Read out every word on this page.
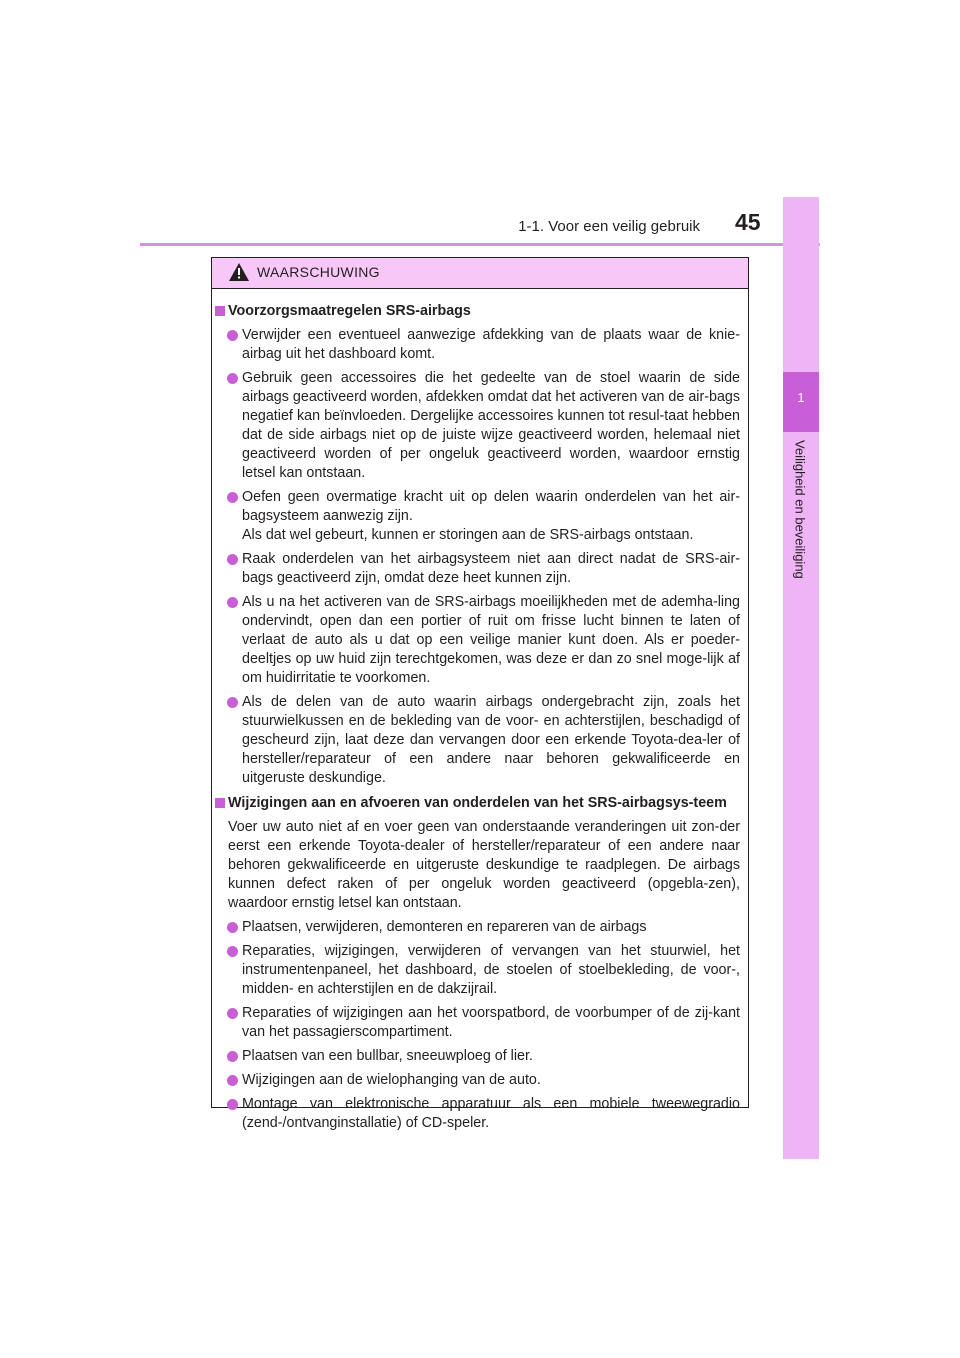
1-1. Voor een veilig gebruik 45
1
Veiligheid en beveiliging
WAARSCHUWING
Voorzorgsmaatregelen SRS-airbags
Verwijder een eventueel aanwezige afdekking van de plaats waar de knie-airbag uit het dashboard komt.
Gebruik geen accessoires die het gedeelte van de stoel waarin de side airbags geactiveerd worden, afdekken omdat dat het activeren van de air-bags negatief kan beïnvloeden. Dergelijke accessoires kunnen tot resul-taat hebben dat de side airbags niet op de juiste wijze geactiveerd worden, helemaal niet geactiveerd worden of per ongeluk geactiveerd worden, waardoor ernstig letsel kan ontstaan.
Oefen geen overmatige kracht uit op delen waarin onderdelen van het air-bagsysteem aanwezig zijn.
Als dat wel gebeurt, kunnen er storingen aan de SRS-airbags ontstaan.
Raak onderdelen van het airbagsysteem niet aan direct nadat de SRS-air-bags geactiveerd zijn, omdat deze heet kunnen zijn.
Als u na het activeren van de SRS-airbags moeilijkheden met de ademha-ling ondervindt, open dan een portier of ruit om frisse lucht binnen te laten of verlaat de auto als u dat op een veilige manier kunt doen. Als er poeder-deeltjes op uw huid zijn terechtgekomen, was deze er dan zo snel moge-lijk af om huidirritatie te voorkomen.
Als de delen van de auto waarin airbags ondergebracht zijn, zoals het stuurwielkussen en de bekleding van de voor- en achterstijlen, beschadigd of gescheurd zijn, laat deze dan vervangen door een erkende Toyota-dea-ler of hersteller/reparateur of een andere naar behoren gekwalificeerde en uitgeruste deskundige.
Wijzigingen aan en afvoeren van onderdelen van het SRS-airbagsys-teem
Voer uw auto niet af en voer geen van onderstaande veranderingen uit zon-der eerst een erkende Toyota-dealer of hersteller/reparateur of een andere naar behoren gekwalificeerde en uitgeruste deskundige te raadplegen. De airbags kunnen defect raken of per ongeluk worden geactiveerd (opgebla-zen), waardoor ernstig letsel kan ontstaan.
Plaatsen, verwijderen, demonteren en repareren van de airbags
Reparaties, wijzigingen, verwijderen of vervangen van het stuurwiel, het instrumentenpaneel, het dashboard, de stoelen of stoelbekleding, de voor-, midden- en achterstijlen en de dakzijrail.
Reparaties of wijzigingen aan het voorspatbord, de voorbumper of de zij-kant van het passagierscompartiment.
Plaatsen van een bullbar, sneeuwploeg of lier.
Wijzigingen aan de wielophanging van de auto.
Montage van elektronische apparatuur als een mobiele tweewegradio (zend-/ontvanginstallatie) of CD-speler.
